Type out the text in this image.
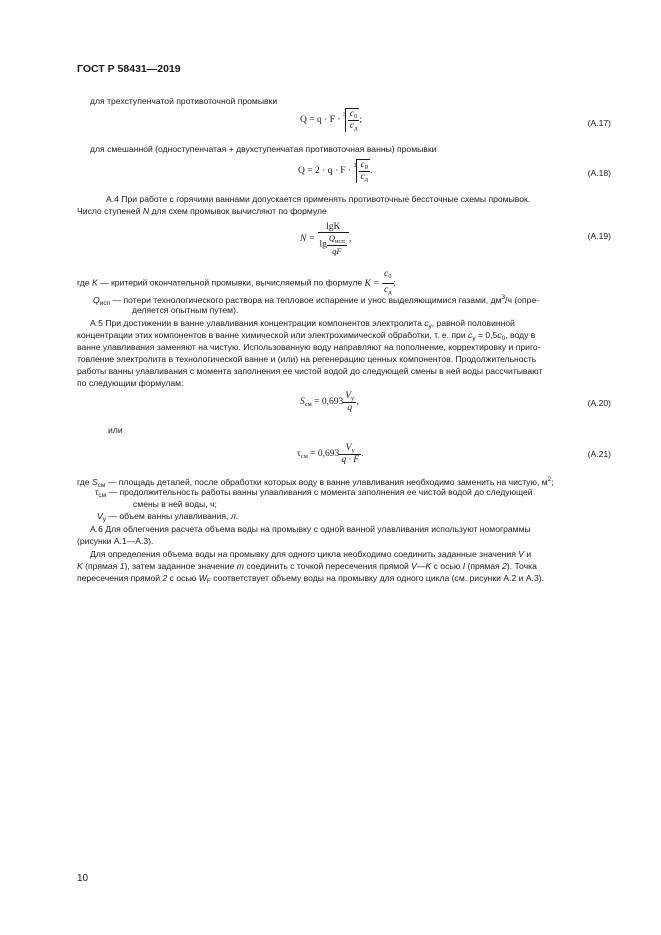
ГОСТ Р 58431—2019
для трехступенчатой противоточной промывки
$Q = q \cdot F \cdot ^3 \frac{c_0}{c_д}$ ;	(A.17)
для смешанной (одноступенчатая + двухступенчатая противоточная ванны) промывки
$Q = 2 \cdot q \cdot F \cdot ^3 \frac{c_0}{c_д}$ .	(A.18)
А.4 При работе с горячими ваннами допускается применять противоточные бессточные схемы промывок.
Число ступеней N для схем промывок вычисляют по формуле
$N = \frac{\lg K}{\lg \frac{Q_{исп}}{qF}}$ ,	(A.19)
где K — критерий окончательной промывки, вычисляемый по формуле $K = \frac{c_0}{c_д}$ ;
$Q_{исп}$ — потери технологического раствора на тепловое испарение и унос выделяющимися газами, $дм^3/ч$ (опре-
деляется опытным путем).
А.5 При достижении в ванне улавливания концентрации компонентов электролита $c_y$, равной половинной
концентрации этих компонентов в ванне химической или электрохимической обработки, т. е. при $c_y = 0,5c_0$, воду в
ванне улавливания заменяют на чистую. Использованную воду направляют на пополнение, корректировку и приго-
товление электролита в технологической ванне и (или) на регенерацию ценных компонентов. Продолжительность
работы ванны улавливания с момента заполнения ее чистой водой до следующей смены в ней воды рассчитывают
по следующим формулам:
$S_{см} = 0,693 \frac{V_y}{q}$ ,	(A.20)
или
$\tau_{см} = 0,693 \frac{V_y}{q \cdot F}$ .	(A.21)
где $S_{см}$ — площадь деталей, после обработки которых воду в ванне улавливания необходимо заменить на чистую, $м^2$;
$\tau_{см}$ — продолжительность работы ванны улавливания с момента заполнения ее чистой водой до следующей
смены в ней воды, ч;
$V_y$ — объем ванны улавливания, л.
А.6 Для облегчения расчета объема воды на промывку с одной ванной улавливания используют номограммы
(рисунки А.1—А.3).
Для определения объема воды на промывку для одного цикла необходимо соединить заданные значения V и
K (прямая 1), затем заданное значение m соединить с точкой пересечения прямой V—K с осью I (прямая 2). Точка
пересечения прямой 2 с осью $W_F$ соответствует объему воды на промывку для одного цикла (см. рисунки А.2 и А.3).
10
